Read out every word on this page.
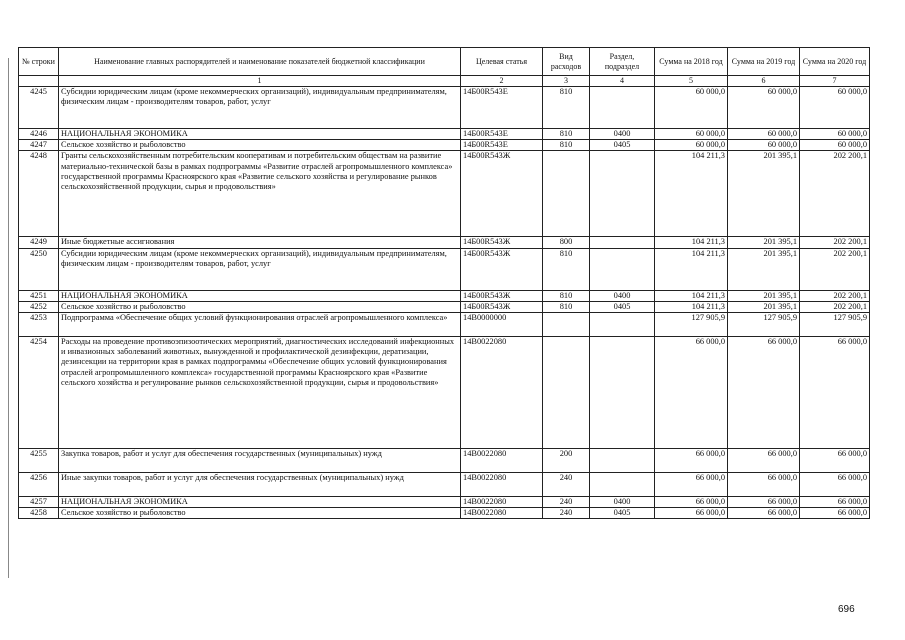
№ строки	Наименование главных распорядителей и наименование показателей бюджетной классификации	Целевая статья	Вид расходов	Раздел, подраздел	Сумма на 2018 год	Сумма на 2019 год	Сумма на 2020 год
	1	2	3	4	5	6	7
4245	Субсидии юридическим лицам (кроме некоммерческих организаций), индивидуальным предпринимателям, физическим лицам - производителям товаров, работ, услуг	14Б00R543Е	810		60 000,0	60 000,0	60 000,0
4246	НАЦИОНАЛЬНАЯ ЭКОНОМИКА	14Б00R543Е	810	0400	60 000,0	60 000,0	60 000,0
4247	Сельское хозяйство и рыболовство	14Б00R543Е	810	0405	60 000,0	60 000,0	60 000,0
4248	Гранты сельскохозяйственным потребительским кооперативам и потребительским обществам на развитие материально-технической базы в рамках подпрограммы «Развитие отраслей агропромышленного комплекса» государственной программы Красноярского края «Развитие сельского хозяйства и регулирование рынков сельскохозяйственной продукции, сырья и продовольствия»	14Б00R543Ж			104 211,3	201 395,1	202 200,1
4249	Иные бюджетные ассигнования	14Б00R543Ж	800		104 211,3	201 395,1	202 200,1
4250	Субсидии юридическим лицам (кроме некоммерческих организаций), индивидуальным предпринимателям, физическим лицам - производителям товаров, работ, услуг	14Б00R543Ж	810		104 211,3	201 395,1	202 200,1
4251	НАЦИОНАЛЬНАЯ ЭКОНОМИКА	14Б00R543Ж	810	0400	104 211,3	201 395,1	202 200,1
4252	Сельское хозяйство и рыболовство	14Б00R543Ж	810	0405	104 211,3	201 395,1	202 200,1
4253	Подпрограмма «Обеспечение общих условий функционирования отраслей агропромышленного комплекса»	14В0000000			127 905,9	127 905,9	127 905,9
4254	Расходы на проведение противоэпизоотических мероприятий, диагностических исследований инфекционных и инвазионных заболеваний животных, вынужденной и профилактической дезинфекции, дератизации, дезинсекции на территории края в рамках подпрограммы «Обеспечение общих условий функционирования отраслей агропромышленного комплекса» государственной программы Красноярского края «Развитие сельского хозяйства и регулирование рынков сельскохозяйственной продукции, сырья и продовольствия»	14В0022080			66 000,0	66 000,0	66 000,0
4255	Закупка товаров, работ и услуг для обеспечения государственных (муниципальных) нужд	14В0022080	200		66 000,0	66 000,0	66 000,0
4256	Иные закупки товаров, работ и услуг для обеспечения государственных (муниципальных) нужд	14В0022080	240		66 000,0	66 000,0	66 000,0
4257	НАЦИОНАЛЬНАЯ ЭКОНОМИКА	14В0022080	240	0400	66 000,0	66 000,0	66 000,0
4258	Сельское хозяйство и рыболовство	14В0022080	240	0405	66 000,0	66 000,0	66 000,0
696
